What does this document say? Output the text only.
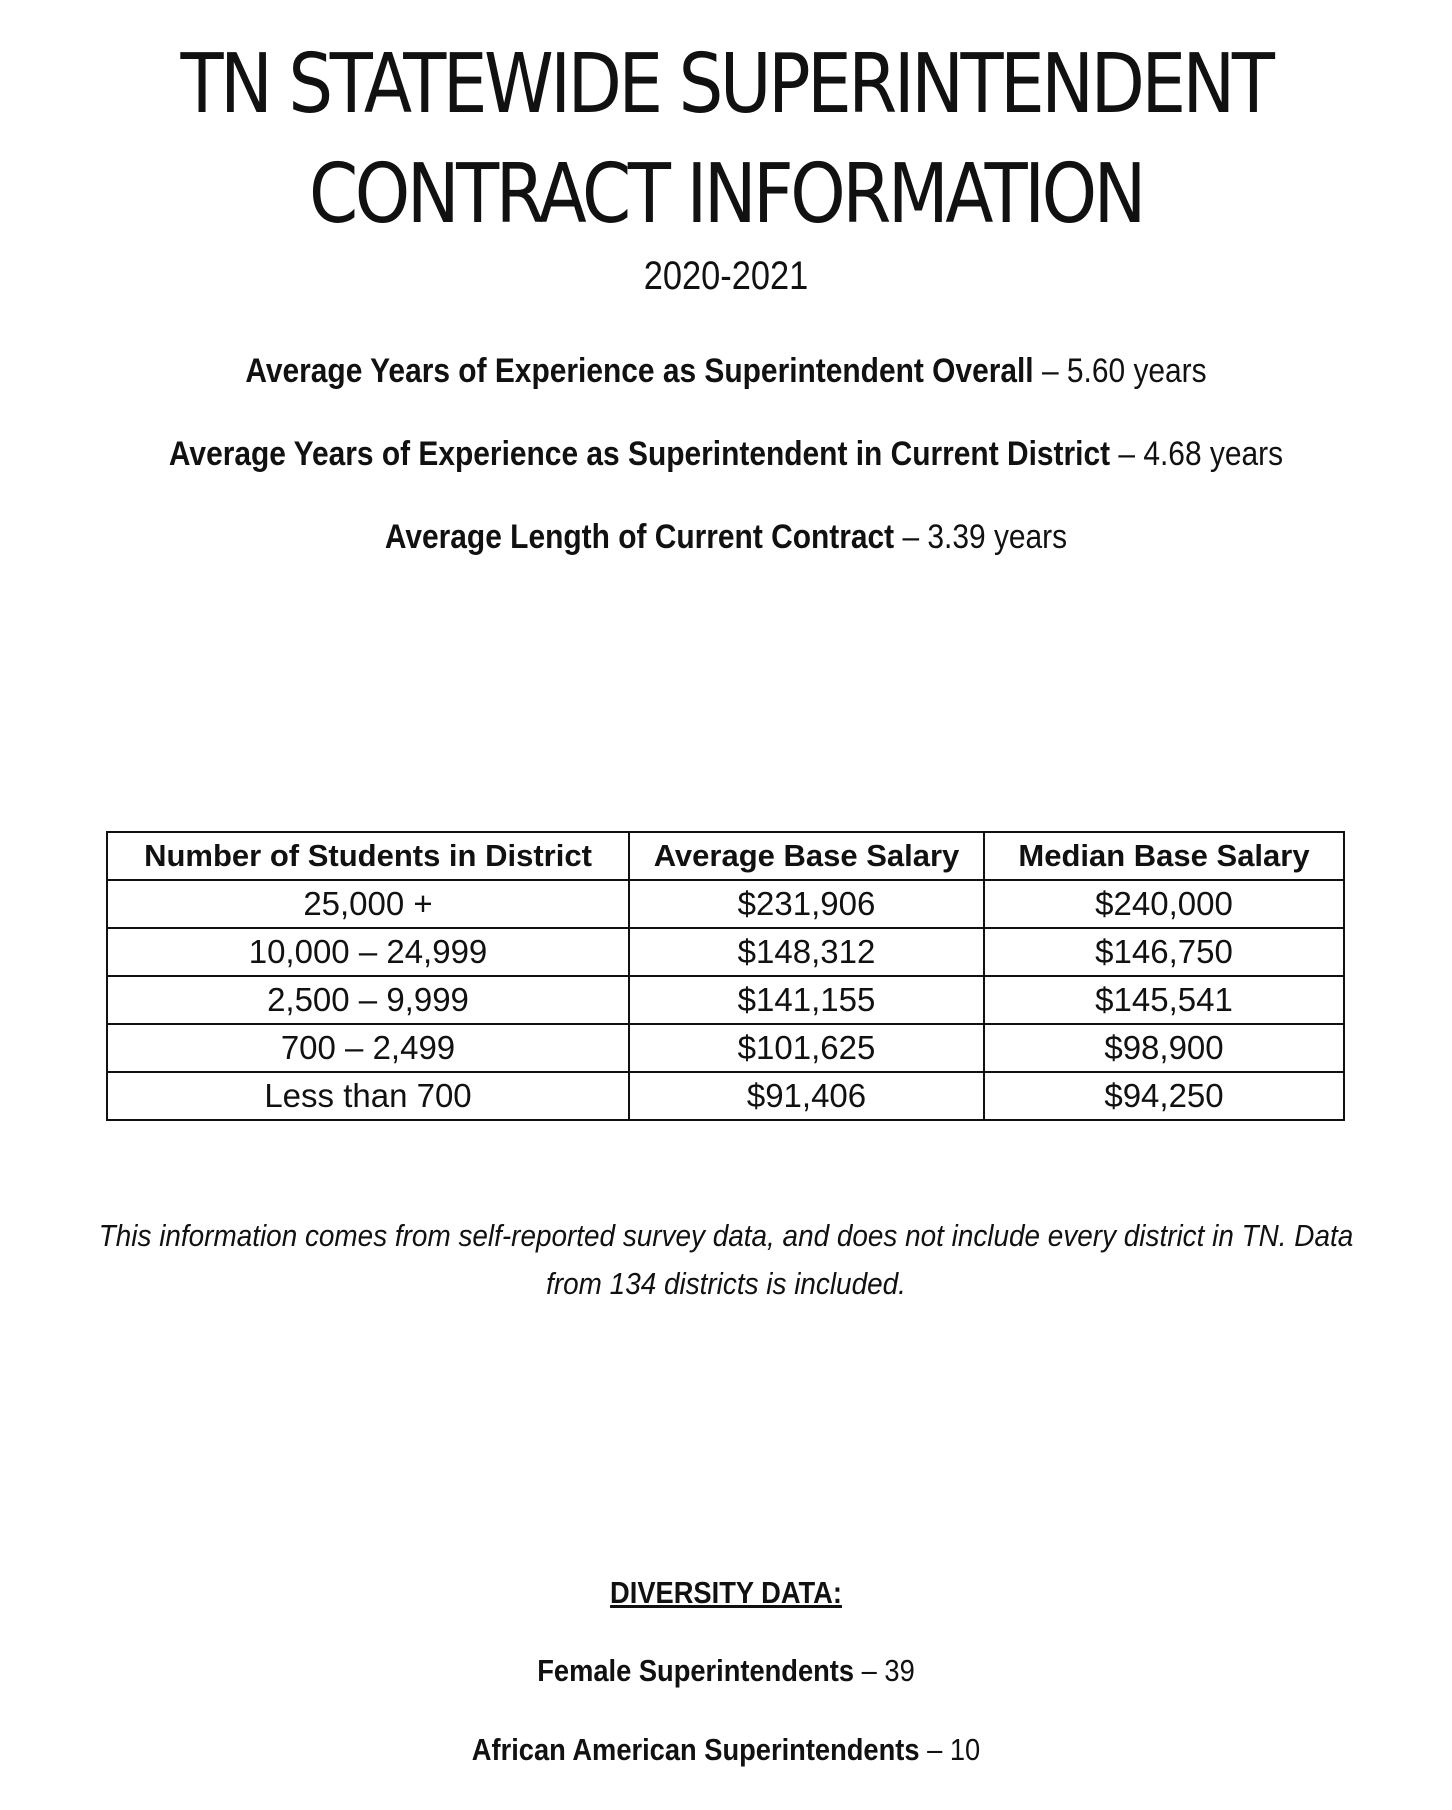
TN STATEWIDE SUPERINTENDENT
CONTRACT INFORMATION
2020-2021
Average Years of Experience as Superintendent Overall – 5.60 years
Average Years of Experience as Superintendent in Current District – 4.68 years
Average Length of Current Contract – 3.39 years
Number of Students in District	Average Base Salary	Median Base Salary
25,000 +	$231,906	$240,000
10,000 – 24,999	$148,312	$146,750
2,500 – 9,999	$141,155	$145,541
700 – 2,499	$101,625	$98,900
Less than 700	$91,406	$94,250
This information comes from self-reported survey data, and does not include every district in TN. Data
from 134 districts is included.
DIVERSITY DATA:
Female Superintendents – 39
African American Superintendents – 10
